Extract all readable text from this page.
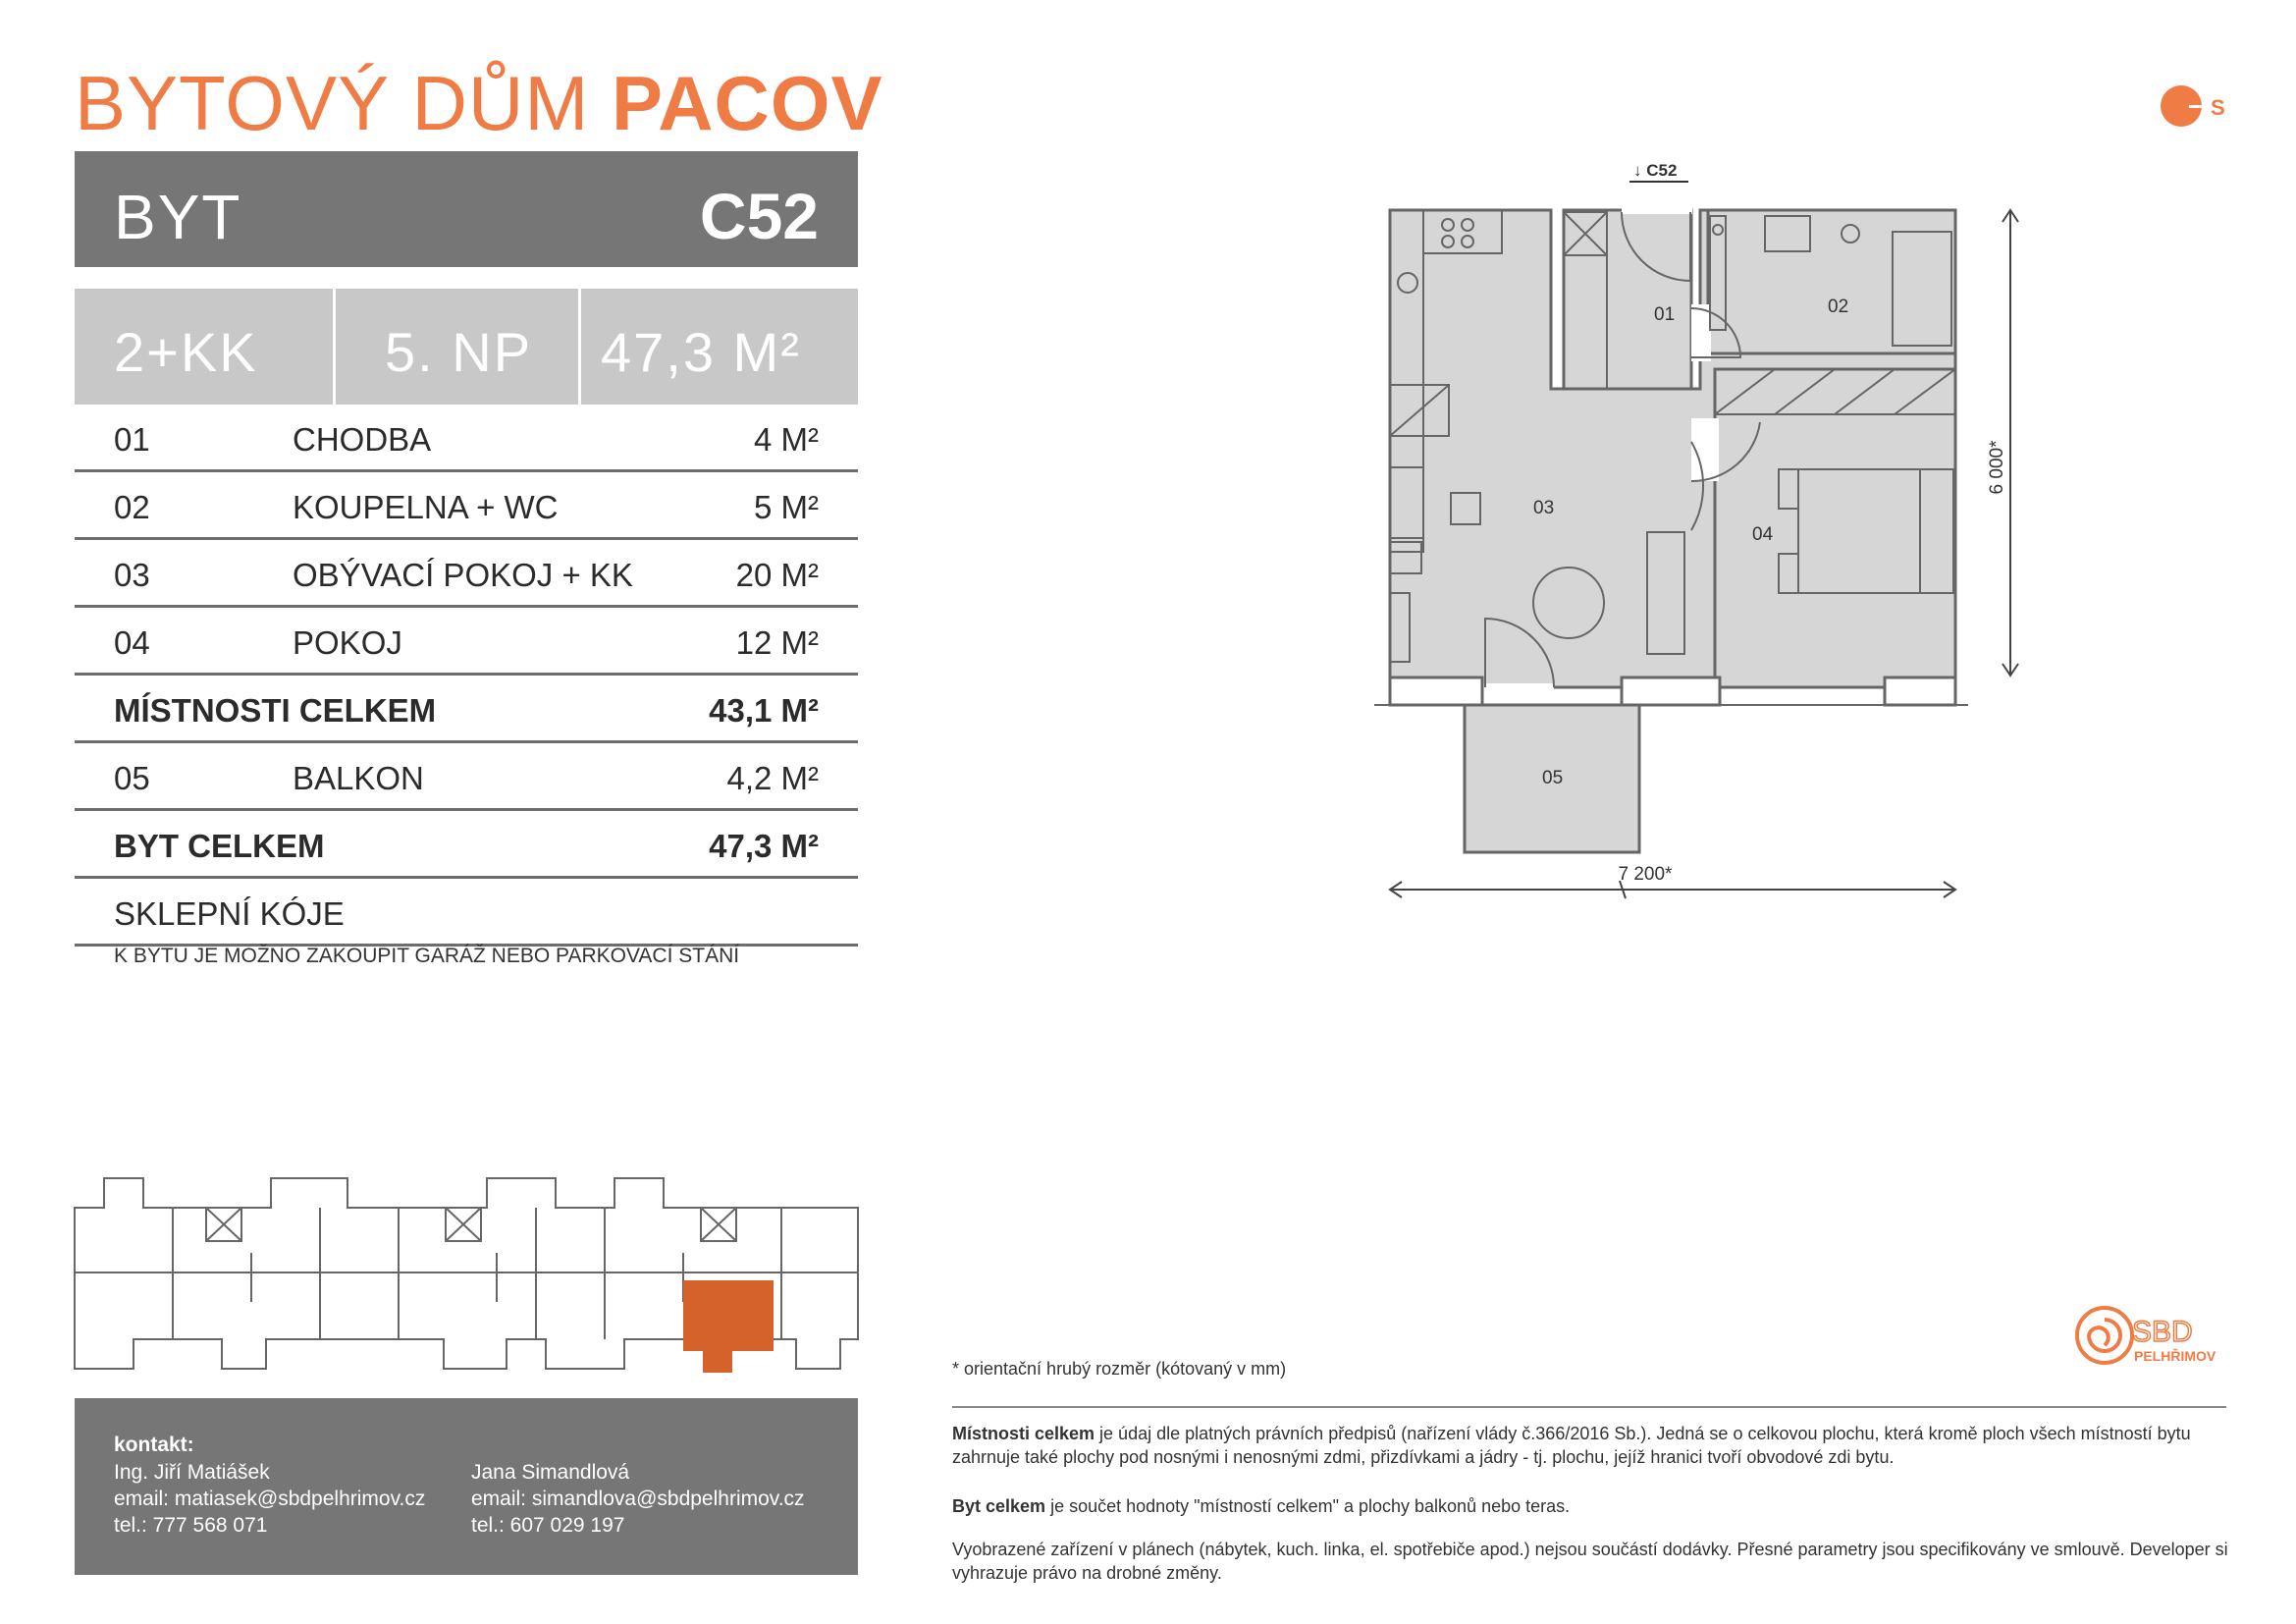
BYTOVÝ DŮM PACOV
BYT	C52
2+KK 5. NP 47,3 M²
01	CHODBA	4 M²
02	KOUPELNA + WC	5 M²
03	OBÝVACÍ POKOJ + KK	20 M²
04	POKOJ	12 M²
MÍSTNOSTI CELKEM	43,1 M²
05	BALKON	4,2 M²
BYT CELKEM	47,3 M²
SKLEPNÍ KÓJE
K BYTU JE MOŽNO ZAKOUPIT GARÁŽ NEBO PARKOVACÍ STÁNÍ
S
↓ C52
01	02
03
04
05
7 200*
6 000*
kontakt:
Ing. Jiří Matiášek
email: matiasek@sbdpelhrimov.cz
tel.: 777 568 071
Jana Simandlová
email: simandlova@sbdpelhrimov.cz
tel.: 607 029 197
SBD
PELHŘIMOV
* orientační hrubý rozměr (kótovaný v mm)
Místnosti celkem je údaj dle platných právních předpisů (nařízení vlády č.366/2016 Sb.). Jedná se o celkovou plochu, která kromě ploch všech místností bytu zahrnuje také plochy pod nosnými i nenosnými zdmi, přizdívkami a jádry - tj. plochu, jejíž hranici tvoří obvodové zdi bytu.
Byt celkem je součet hodnoty "místností celkem" a plochy balkonů nebo teras.
Vyobrazené zařízení v plánech (nábytek, kuch. linka, el. spotřebiče apod.) nejsou součástí dodávky. Přesné parametry jsou specifikovány ve smlouvě. Developer si vyhrazuje právo na drobné změny.
